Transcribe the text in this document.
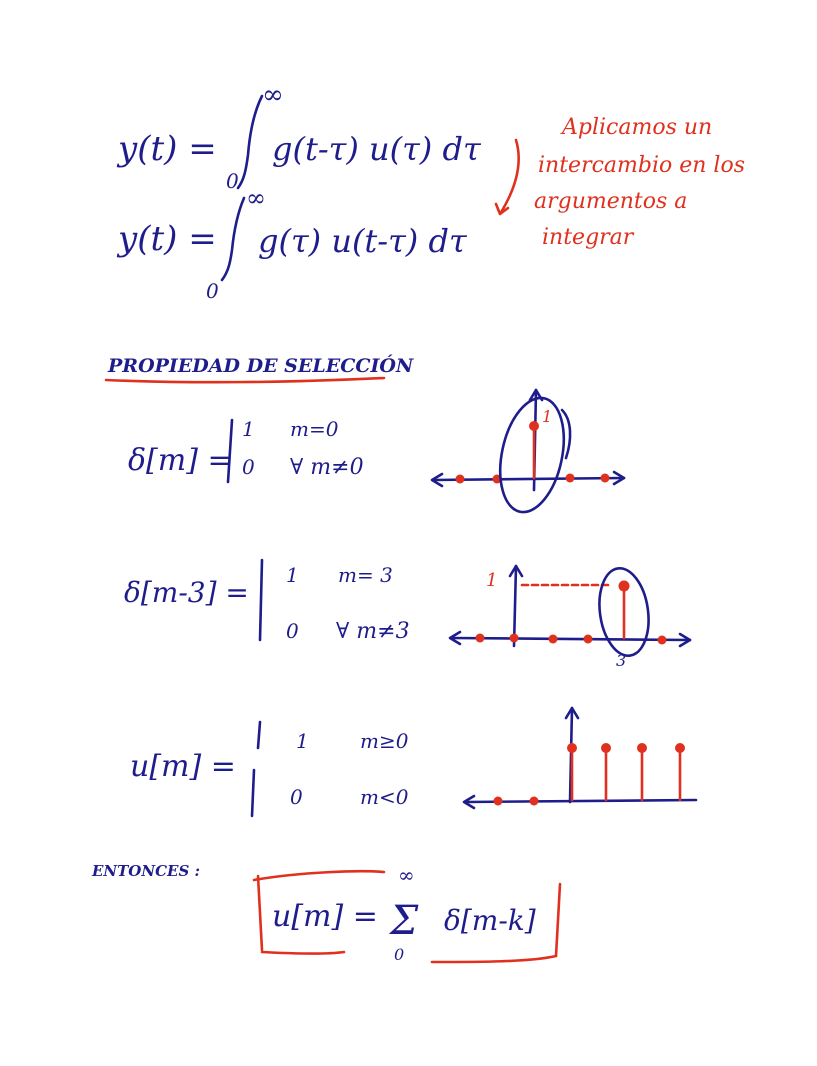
y(t) =
∞
0
g(t-τ) u(τ) dτ
y(t) =
∞
0
g(τ) u(t-τ) dτ
Aplicamos un
intercambio en los
argumentos a
integrar
PROPIEDAD DE SELECCIÓN
δ[m] =
1 m=0
0 ∀ m≠0
1
δ[m-3] =
1 m= 3
0 ∀ m≠3
1
3
u[m] =
1	m≥0
0	m<0
ENTONCES :
u[m] =
∞
Σ
0
δ[m-k]
